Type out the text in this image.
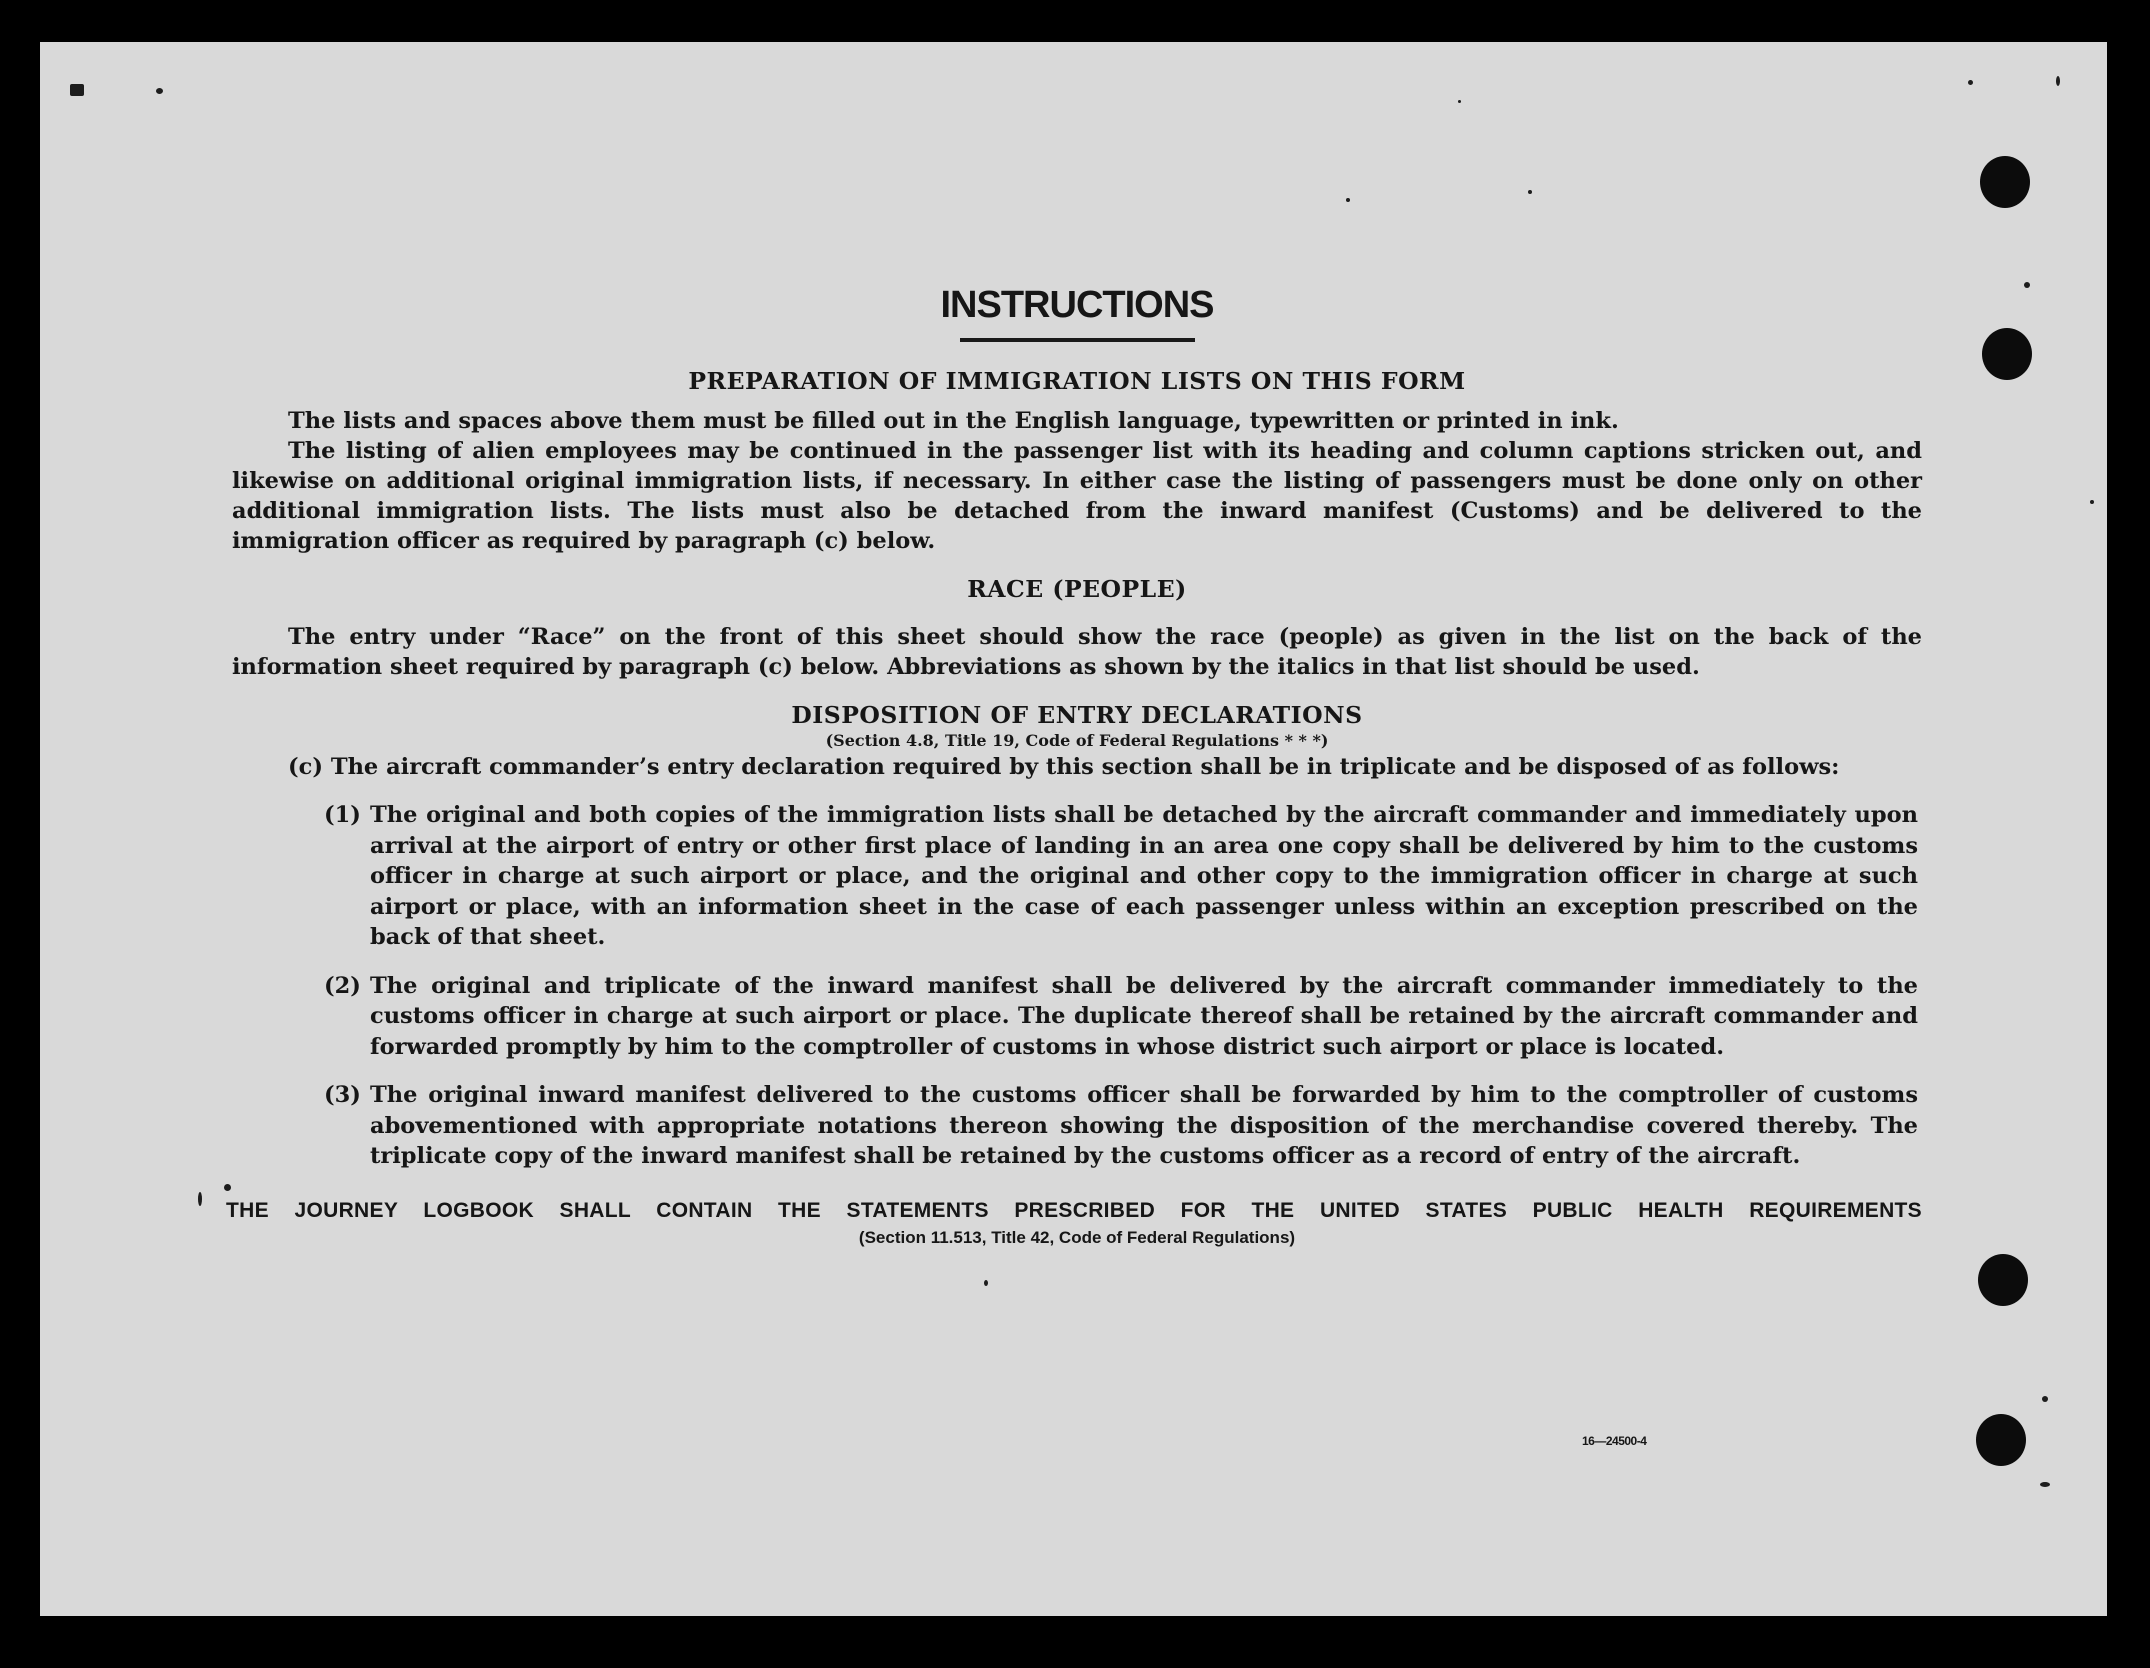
16—24500-4
INSTRUCTIONS
PREPARATION OF IMMIGRATION LISTS ON THIS FORM

The lists and spaces above them must be filled out in the English language, typewritten or printed in ink.

The listing of alien employees may be continued in the passenger list with its heading and column captions stricken out, and likewise on additional original immigration lists, if necessary. In either case the listing of passengers must be done only on other additional immigration lists. The lists must also be detached from the inward manifest (Customs) and be delivered to the immigration officer as required by paragraph (c) below.

RACE (PEOPLE)

The entry under “Race” on the front of this sheet should show the race (people) as given in the list on the back of the information sheet required by paragraph (c) below. Abbreviations as shown by the italics in that list should be used.

DISPOSITION OF ENTRY DECLARATIONS

(Section 4.8, Title 19, Code of Federal Regulations * * *)

(c) The aircraft commander’s entry declaration required by this section shall be in triplicate and be disposed of as follows:

(1) The original and both copies of the immigration lists shall be detached by the aircraft commander and immediately upon arrival at the airport of entry or other first place of landing in an area one copy shall be delivered by him to the customs officer in charge at such airport or place, and the original and other copy to the immigration officer in charge at such airport or place, with an information sheet in the case of each passenger unless within an exception prescribed on the back of that sheet.

(2) The original and triplicate of the inward manifest shall be delivered by the aircraft commander immediately to the customs officer in charge at such airport or place. The duplicate thereof shall be retained by the aircraft commander and forwarded promptly by him to the comptroller of customs in whose district such airport or place is located.

(3) The original inward manifest delivered to the customs officer shall be forwarded by him to the comptroller of customs abovementioned with appropriate notations thereon showing the disposition of the merchandise covered thereby. The triplicate copy of the inward manifest shall be retained by the customs officer as a record of entry of the aircraft.

THE JOURNEY LOGBOOK SHALL CONTAIN THE STATEMENTS PRESCRIBED FOR THE UNITED STATES PUBLIC HEALTH REQUIREMENTS

(Section 11.513, Title 42, Code of Federal Regulations)
